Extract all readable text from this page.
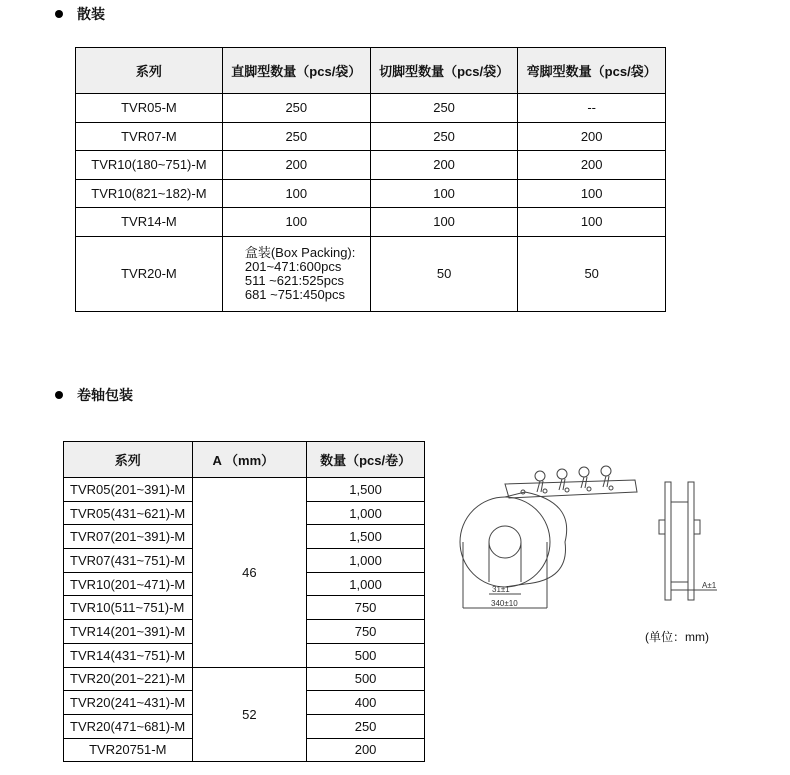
散装
系列	直脚型数量（pcs/袋）	切脚型数量（pcs/袋）	弯脚型数量（pcs/袋）
TVR05-M	250	250	--
TVR07-M	250	250	200
TVR10(180~751)-M	200	200	200
TVR10(821~182)-M	100	100	100
TVR14-M	100	100	100
TVR20-M	盒装(Box Packing):
201~471:600pcs
511 ~621:525pcs
681 ~751:450pcs	50	50
卷轴包装
系列	A （mm）	数量（pcs/卷）
TVR05(201~391)-M	46	1,500
TVR05(431~621)-M		1,000
TVR07(201~391)-M		1,500
TVR07(431~751)-M		1,000
TVR10(201~471)-M		1,000
TVR10(511~751)-M		750
TVR14(201~391)-M		750
TVR14(431~751)-M		500
TVR20(201~221)-M	52	500
TVR20(241~431)-M		400
TVR20(471~681)-M		250
TVR20751-M		200
31±1
340±10
A±1
(单位：mm)
